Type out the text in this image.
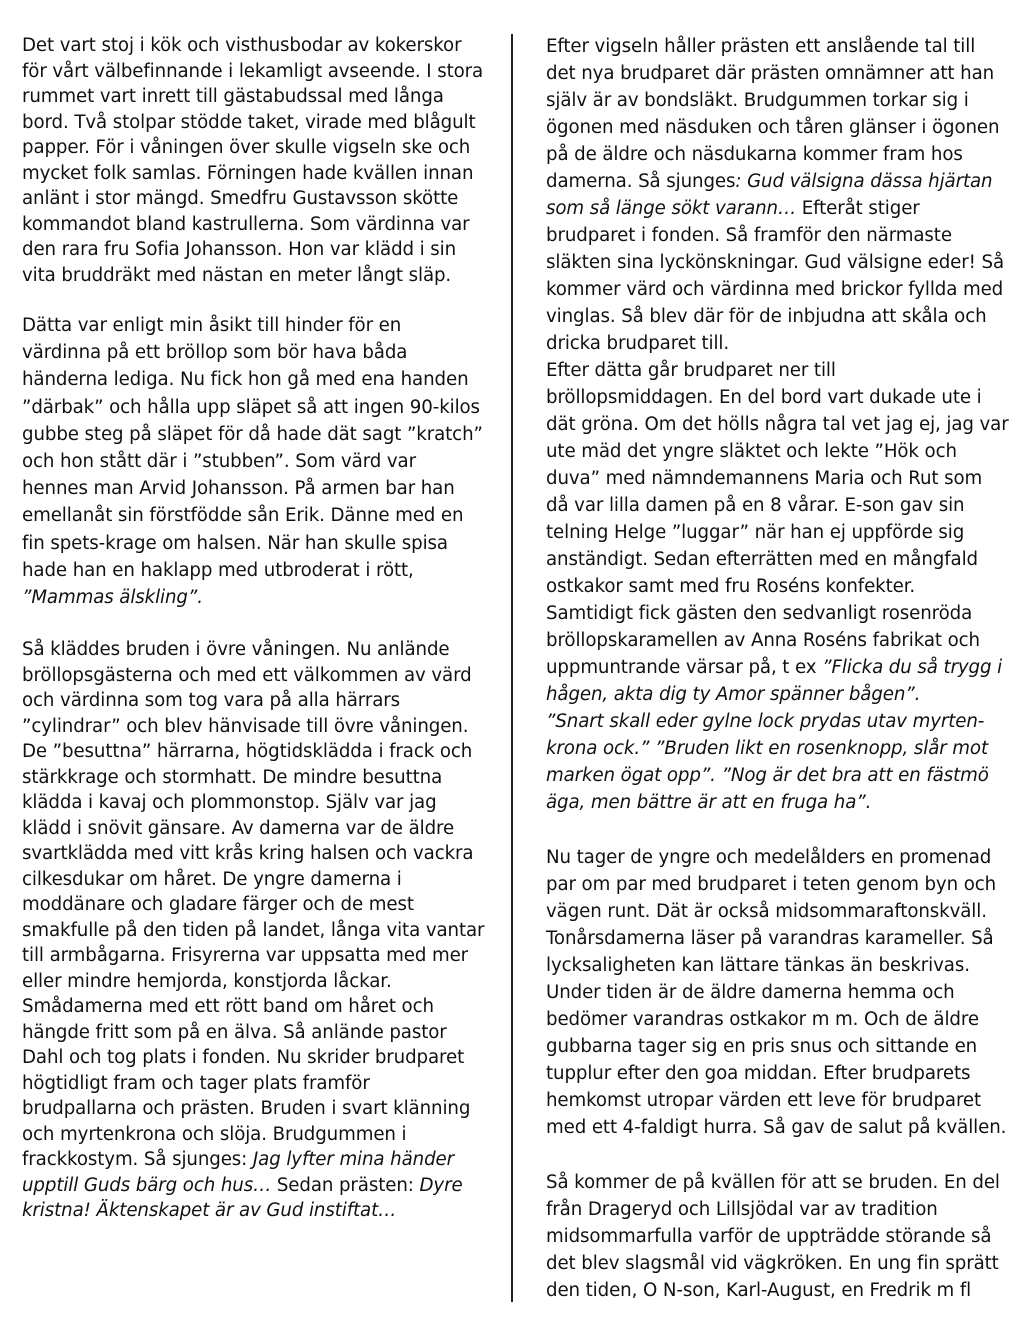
Det vart stoj i kök och visthusbodar av kokerskor
för vårt välbefinnande i lekamligt avseende. I stora
rummet vart inrett till gästabudssal med långa
bord. Två stolpar stödde taket, virade med blågult
papper. För i våningen över skulle vigseln ske och
mycket folk samlas. Förningen hade kvällen innan
anlänt i stor mängd. Smedfru Gustavsson skötte
kommandot bland kastrullerna. Som värdinna var
den rara fru Sofia Johansson. Hon var klädd i sin
vita bruddräkt med nästan en meter långt släp.

Dätta var enligt min åsikt till hinder för en
värdinna på ett bröllop som bör hava båda
händerna lediga. Nu fick hon gå med ena handen
”därbak” och hålla upp släpet så att ingen 90-kilos
gubbe steg på släpet för då hade dät sagt ”kratch”
och hon stått där i ”stubben”. Som värd var
hennes man Arvid Johansson. På armen bar han
emellanåt sin förstfödde sån Erik. Dänne med en
fin spets-krage om halsen. När han skulle spisa
hade han en haklapp med utbroderat i rött,
”Mammas älskling”.

Så kläddes bruden i övre våningen. Nu anlände
bröllopsgästerna och med ett välkommen av värd
och värdinna som tog vara på alla härrars
”cylindrar” och blev hänvisade till övre våningen.
De ”besuttna” härrarna, högtidsklädda i frack och
stärkkrage och stormhatt. De mindre besuttna
klädda i kavaj och plommonstop. Själv var jag
klädd i snövit gänsare. Av damerna var de äldre
svartklädda med vitt krås kring halsen och vackra
cilkesdukar om håret. De yngre damerna i
moddänare och gladare färger och de mest
smakfulle på den tiden på landet, långa vita vantar
till armbågarna. Frisyrerna var uppsatta med mer
eller mindre hemjorda, konstjorda låckar.
Smådamerna med ett rött band om håret och
hängde fritt som på en älva. Så anlände pastor
Dahl och tog plats i fonden. Nu skrider brudparet
högtidligt fram och tager plats framför
brudpallarna och prästen. Bruden i svart klänning
och myrtenkrona och slöja. Brudgummen i
frackkostym. Så sjunges: Jag lyfter mina händer
upptill Guds bärg och hus… Sedan prästen: Dyre
kristna! Äktenskapet är av Gud instiftat…

Efter vigseln håller prästen ett anslående tal till
det nya brudparet där prästen omnämner att han
själv är av bondsläkt. Brudgummen torkar sig i
ögonen med näsduken och tåren glänser i ögonen
på de äldre och näsdukarna kommer fram hos
damerna. Så sjunges: Gud välsigna dässa hjärtan
som så länge sökt varann… Efteråt stiger
brudparet i fonden. Så framför den närmaste
släkten sina lyckönskningar. Gud välsigne eder! Så
kommer värd och värdinna med brickor fyllda med
vinglas. Så blev där för de inbjudna att skåla och
dricka brudparet till.
Efter dätta går brudparet ner till
bröllopsmiddagen. En del bord vart dukade ute i
dät gröna. Om det hölls några tal vet jag ej, jag var
ute mäd det yngre släktet och lekte ”Hök och
duva” med nämndemannens Maria och Rut som
då var lilla damen på en 8 vårar. E-son gav sin
telning Helge ”luggar” när han ej uppförde sig
anständigt. Sedan efterrätten med en mångfald
ostkakor samt med fru Roséns konfekter.
Samtidigt fick gästen den sedvanligt rosenröda
bröllopskaramellen av Anna Roséns fabrikat och
uppmuntrande värsar på, t ex ”Flicka du så trygg i
hågen, akta dig ty Amor spänner bågen”.
”Snart skall eder gylne lock prydas utav myrten-
krona ock.” ”Bruden likt en rosenknopp, slår mot
marken ögat opp”. ”Nog är det bra att en fästmö
äga, men bättre är att en fruga ha”.

Nu tager de yngre och medelålders en promenad
par om par med brudparet i teten genom byn och
vägen runt. Dät är också midsommaraftonskväll.
Tonårsdamerna läser på varandras karameller. Så
lycksaligheten kan lättare tänkas än beskrivas.
Under tiden är de äldre damerna hemma och
bedömer varandras ostkakor m m. Och de äldre
gubbarna tager sig en pris snus och sittande en
tupplur efter den goa middan. Efter brudparets
hemkomst utropar värden ett leve för brudparet
med ett 4-faldigt hurra. Så gav de salut på kvällen.

Så kommer de på kvällen för att se bruden. En del
från Drageryd och Lillsjödal var av tradition
midsommarfulla varför de uppträdde störande så
det blev slagsmål vid vägkröken. En ung fin sprätt
den tiden, O N-son, Karl-August, en Fredrik m fl
